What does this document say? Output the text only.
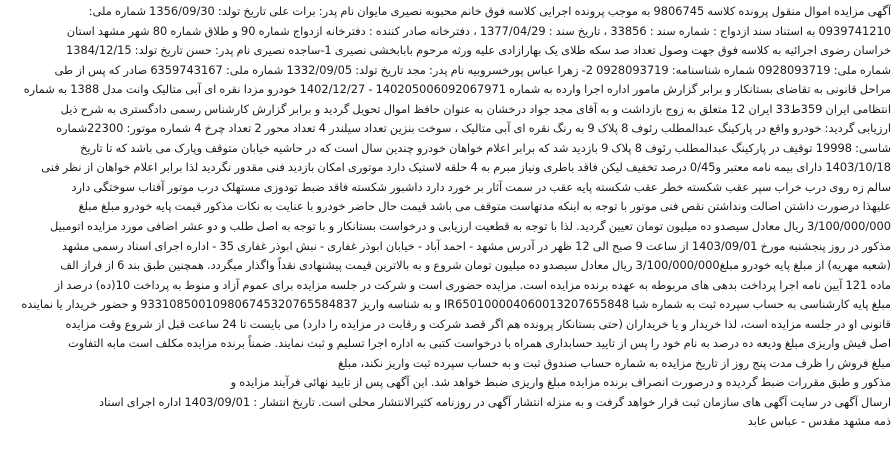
آگهی مزایده اموال منقول پرونده کلاسه 9806745 به موجب پرونده اجرایی کلاسه فوق خانم محبوبه نصیری مایوان نام پدر: برات علی تاریخ تولد: 1356/09/30 شماره ملی:
0939741210 به استناد سند ازدواج : شماره سند : 33856 ، تاریخ سند : 1377/04/29 ، دفترخانه صادر کننده : دفترخانه ازدواج شماره 90 و طلاق شماره 80 شهر مشهد استان
خراسان رضوی اجرائیه به کلاسه فوق جهت وصول تعداد صد سکه طلای یک بهارازادی علیه ورثه مرحوم بابابخشی نصیری 1-ساجده نصیری نام پدر: حسن تاریخ تولد: 1384/12/15
شماره ملی: 0928093719 شماره شناسنامه: 0928093719 2- زهرا عباس پورخسروبیه نام پدر: مجد تاریخ تولد: 1332/09/05 شماره ملی: 6359743167 صادر که پس از طی
مراحل قانونی به تقاضای بستانکار و برابر گزارش مامور اداره اجرا وارده به شماره 140205006092067971 - 1402/12/27 خودرو مزدا نقره ای آبی متالیک وانت مدل 1388 به شماره
انتظامی ایران 359ط33 ایران 12 متعلق به زوج بازداشت و به آقای مجد جواد درخشان به عنوان حافظ اموال تحویل گردید و برابر گزارش کارشناس رسمی دادگستری به شرح ذیل
ارزیابی گردید: خودرو واقع در پارکینگ عبدالمطلب رئوف 8 پلاک 9 به رنگ نقره ای آبی متالیک ، سوخت بنزین تعداد سیلندر 4 تعداد محور 2 تعداد چرخ 4 شماره موتور: 22300شماره
شاسی: 19998 توقیف در پارکینگ عبدالمطلب رئوف 8 پلاک 9 بازدید شد که برابر اعلام خواهان خودرو چندین سال است که در حاشیه خیابان متوقف وپارک می باشد که تا تاریخ
1403/10/18 دارای بیمه نامه معتبر و0/45 درصد تخفیف لیکن فاقد باطری ونیاز مبرم به 4 حلقه لاستیک دارد موتوری امکان بازدید فنی مقدور نگردید لذا برابر اعلام خواهان از نظر فنی
سالم زه روی درب خراب سپر عقب شکسته خطر عقب شکسته پایه عقب در سمت آثار بر خورد دارد داشبور شکسته فاقد ضبط تودوزی مستهلک درب موتور آفتاب سوختگی دارد
علیهذا درصورت داشتن اصالت ونداشتن نقص فنی موتور با توجه به اینکه مدتهاست متوقف می باشد قیمت حال حاضر خودرو با عنایت به نکات مذکور قیمت پایه خودرو مبلغ مبلغ
3/100/000/000 ریال معادل سیصدو ده میلیون تومان تعیین گردید. لذا با توجه به قطعیت ارزیابی و درخواست بستانکار و با توجه به اصل طلب و دو عشر اضافی مورد مزایده اتومبیل
مذکور در روز پنجشنبه مورخ 1403/09/01 از ساعت 9 صبح الی 12 ظهر در آدرس مشهد - احمد آباد - خیابان ابوذر غفاری - نبش ابوذر غفاری 35 - اداره اجرای اسناد رسمی مشهد
(شعبه مهریه) از مبلغ پایه خودرو مبلغ3/100/000/000 ریال معادل سیصدو ده میلیون تومان شروع و به بالاترین قیمت پیشنهادی نقداً واگذار میگردد. همچنین طبق بند 6 از فراز الف
ماده 121 آیین نامه اجرا پرداخت بدهی های مربوطه به عهده برنده مزایده است. مزایده حضوری است و شرکت در جلسه مزایده برای عموم آزاد و منوط به پرداخت 10(ده) درصد از
مبلغ پایه کارشناسی به حساب سپرده ثبت به شماره شبا IR650100004060013207655848 و به شناسه واریز 933108500109806745320765584837 و حضور خریدار یا نماینده
قانونی او در جلسه مزایده است، لذا خریدار و یا خریداران (حتی بستانکار پرونده هم اگر قصد شرکت و رقابت در مزایده را دارد) می بایست تا 24 ساعت قبل از شروع وقت مزایده
اصل فیش واریزی مبلغ ودیعه ده درصد به نام خود را پس از تایید حسابداری همراه با درخواست کتبی به اداره اجرا تسلیم و ثبت نمایند. ضمناً برنده مزایده مکلف است مابه التفاوت
مبلغ فروش را ظرف مدت پنج روز از تاریخ مزایده به شماره حساب صندوق ثبت و به حساب سپرده ثبت واریز نکند، مبلغ
مذکور و طبق مقررات ضبط گردیده و درصورت انصراف برنده مزایده مبلغ واریزی ضبط خواهد شد. این آگهی پس از تایید نهائی فرآیند مزایده و
ارسال آگهی در سایت آگهی های سازمان ثبت قرار خواهد گرفت و به منزله انتشار آگهی در روزنامه کثیرالانتشار محلی است. تاریخ انتشار : 1403/09/01 اداره اجرای اسناد
ذمه مشهد مقدس - عباس عابد
